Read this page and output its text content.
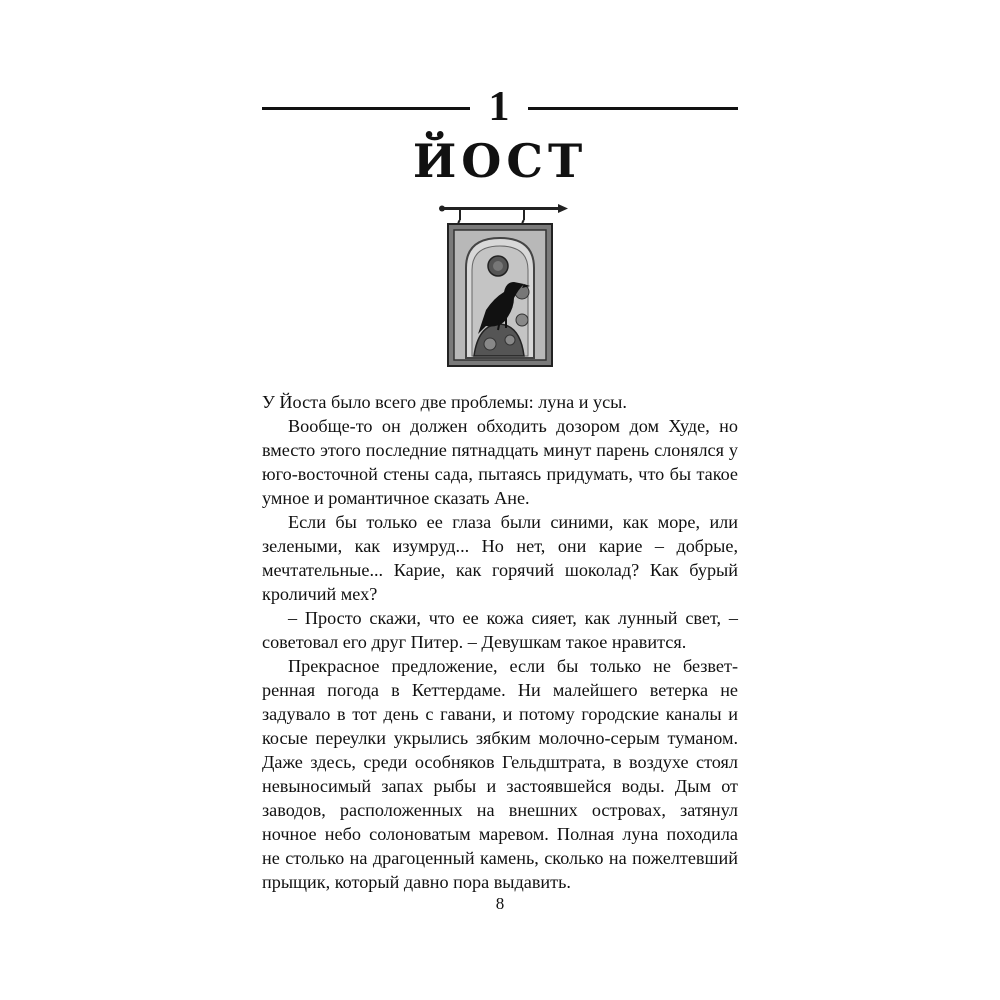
1
ЙОСТ

У Йоста было всего две проблемы: луна и усы.

Вообще-то он должен обходить дозором дом Худе, но вместо этого последние пятнадцать минут парень слонялся у юго-восточной стены сада, пытаясь придумать, что бы такое умное и романтичное сказать Ане.

Если бы только ее глаза были синими, как море, или зелеными, как изумруд... Но нет, они карие – добрые, мечтательные... Карие, как горячий шоколад? Как бурый кроличий мех?

– Просто скажи, что ее кожа сияет, как лунный свет, – советовал его друг Питер. – Девушкам такое нравится.

Прекрасное предложение, если бы только не безветренная погода в Кеттердаме. Ни малейшего ветерка не задувало в тот день с гавани, и потому городские каналы и косые переулки укрылись зябким молочно-серым туманом. Даже здесь, среди особняков Гельдштрата, в воздухе стоял невыносимый запах рыбы и застоявшейся воды. Дым от заводов, расположенных на внешних островах, затянул ночное небо солоноватым маревом. Полная луна походила не столько на драгоценный камень, сколько на пожелтевший прыщик, который давно пора выдавить.

8
